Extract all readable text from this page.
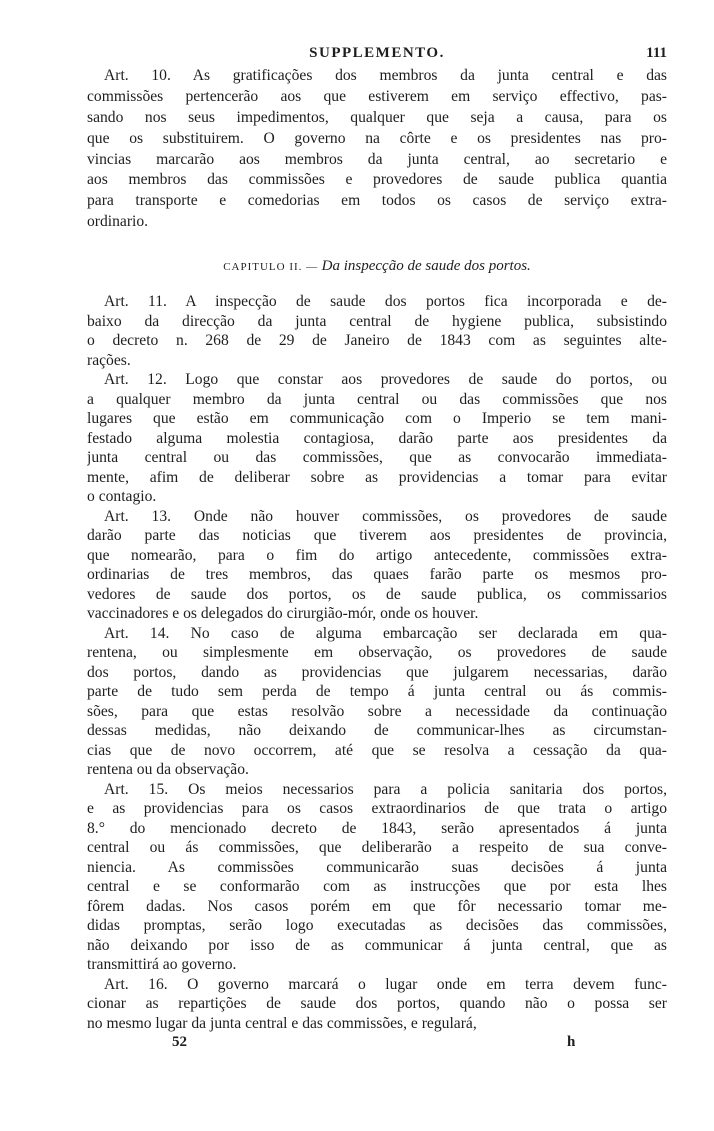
SUPPLEMENTO.	111
Art. 10. As gratificações dos membros da junta central e das
commissões pertencerão aos que estiverem em serviço effectivo, pas-
sando nos seus impedimentos, qualquer que seja a causa, para os
que os substituirem. O governo na côrte e os presidentes nas pro-
vincias marcarão aos membros da junta central, ao secretario e
aos membros das commissões e provedores de saude publica quantia
para transporte e comedorias em todos os casos de serviço extra-
ordinario.
CAPITULO II. — Da inspecção de saude dos portos.
Art. 11. A inspecção de saude dos portos fica incorporada e de-
baixo da direcção da junta central de hygiene publica, subsistindo
o decreto n. 268 de 29 de Janeiro de 1843 com as seguintes alte-
rações.
Art. 12. Logo que constar aos provedores de saude do portos, ou
a qualquer membro da junta central ou das commissões que nos
lugares que estão em communicação com o Imperio se tem mani-
festado alguma molestia contagiosa, darão parte aos presidentes da
junta central ou das commissões, que as convocarão immediata-
mente, afim de deliberar sobre as providencias a tomar para evitar
o contagio.
Art. 13. Onde não houver commissões, os provedores de saude
darão parte das noticias que tiverem aos presidentes de provincia,
que nomearão, para o fim do artigo antecedente, commissões extra-
ordinarias de tres membros, das quaes farão parte os mesmos pro-
vedores de saude dos portos, os de saude publica, os commissarios
vaccinadores e os delegados do cirurgião-mór, onde os houver.
Art. 14. No caso de alguma embarcação ser declarada em qua-
rentena, ou simplesmente em observação, os provedores de saude
dos portos, dando as providencias que julgarem necessarias, darão
parte de tudo sem perda de tempo á junta central ou ás commis-
sões, para que estas resolvão sobre a necessidade da continuação
dessas medidas, não deixando de communicar-lhes as circumstan-
cias que de novo occorrem, até que se resolva a cessação da qua-
rentena ou da observação.
Art. 15. Os meios necessarios para a policia sanitaria dos portos,
e as providencias para os casos extraordinarios de que trata o artigo
8.° do mencionado decreto de 1843, serão apresentados á junta
central ou ás commissões, que deliberarão a respeito de sua conve-
niencia. As commissões communicarão suas decisões á junta
central e se conformarão com as instrucções que por esta lhes
fôrem dadas. Nos casos porém em que fôr necessario tomar me-
didas promptas, serão logo executadas as decisões das commissões,
não deixando por isso de as communicar á junta central, que as
transmittirá ao governo.
Art. 16. O governo marcará o lugar onde em terra devem func-
cionar as repartições de saude dos portos, quando não o possa ser
no mesmo lugar da junta central e das commissões, e regulará,
52	h
